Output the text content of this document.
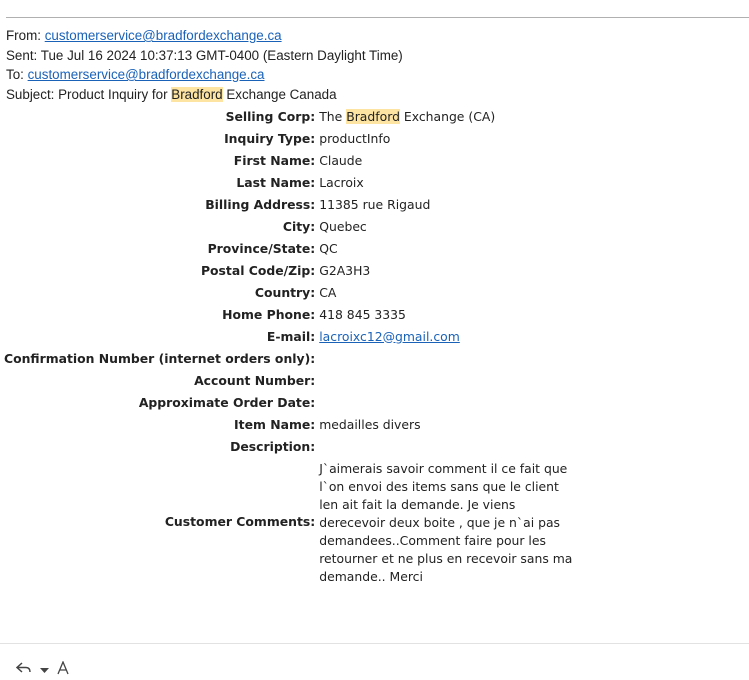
From: customerservice@bradfordexchange.ca
Sent: Tue Jul 16 2024 10:37:13 GMT-0400 (Eastern Daylight Time)
To: customerservice@bradfordexchange.ca
Subject: Product Inquiry for Bradford Exchange Canada
Selling Corp:	The Bradford Exchange (CA)
Inquiry Type:	productInfo
First Name:	Claude
Last Name:	Lacroix
Billing Address:	11385 rue Rigaud
City:	Quebec
Province/State:	QC
Postal Code/Zip:	G2A3H3
Country:	CA
Home Phone:	418 845 3335
E-mail:	lacroixc12@gmail.com
Confirmation Number (internet orders only):	
Account Number:	
Approximate Order Date:	
Item Name:	medailles divers
Description:	
Customer Comments:	J`aimerais savoir comment il ce fait que l`on envoi des items sans que le client len ait fait la demande. Je viens derecevoir deux boite , que je n`ai pas demandees..Comment faire pour les retourner et ne plus en recevoir sans ma demande.. Merci
